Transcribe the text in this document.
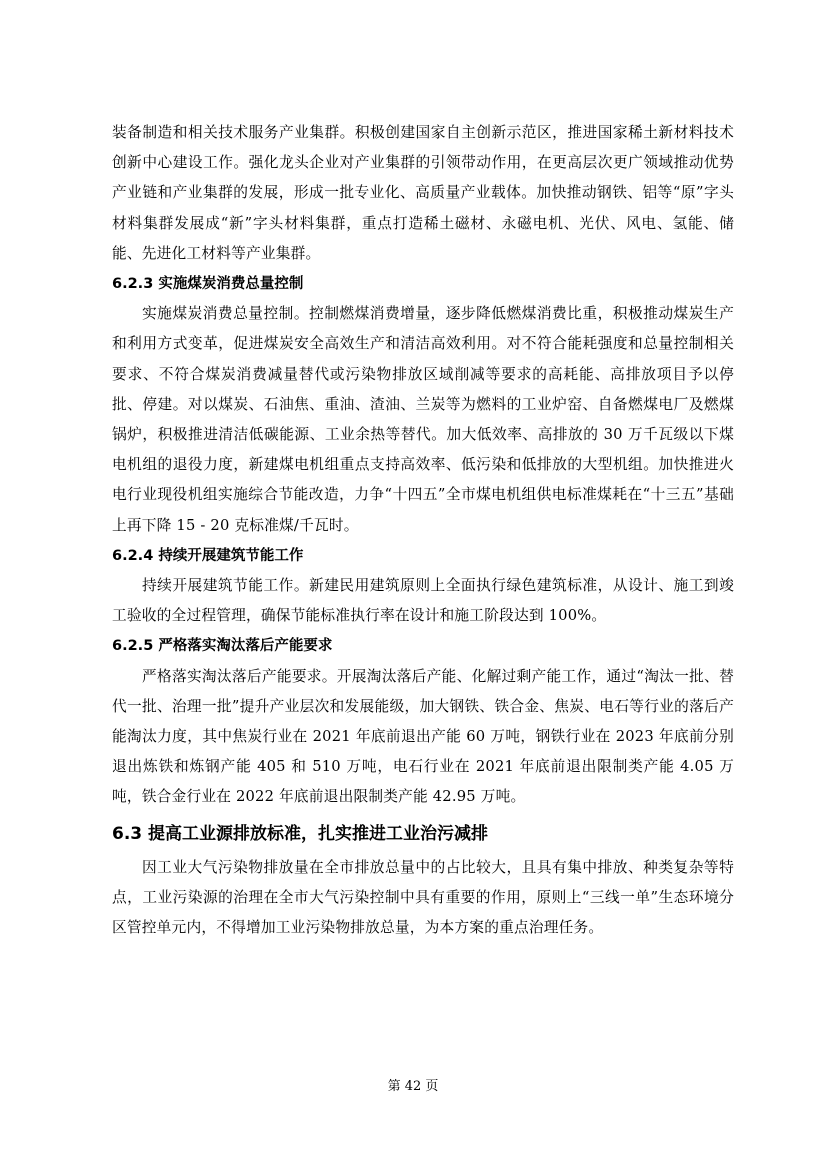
装备制造和相关技术服务产业集群。积极创建国家自主创新示范区，推进国家稀土新材料技术创新中心建设工作。强化龙头企业对产业集群的引领带动作用，在更高层次更广领域推动优势产业链和产业集群的发展，形成一批专业化、高质量产业载体。加快推动钢铁、铝等“原”字头材料集群发展成“新”字头材料集群，重点打造稀土磁材、永磁电机、光伏、风电、氢能、储能、先进化工材料等产业集群。

6.2.3 实施煤炭消费总量控制

实施煤炭消费总量控制。控制燃煤消费增量，逐步降低燃煤消费比重，积极推动煤炭生产和利用方式变革，促进煤炭安全高效生产和清洁高效利用。对不符合能耗强度和总量控制相关要求、不符合煤炭消费减量替代或污染物排放区域削减等要求的高耗能、高排放项目予以停批、停建。对以煤炭、石油焦、重油、渣油、兰炭等为燃料的工业炉窑、自备燃煤电厂及燃煤锅炉，积极推进清洁低碳能源、工业余热等替代。加大低效率、高排放的 30 万千瓦级以下煤电机组的退役力度，新建煤电机组重点支持高效率、低污染和低排放的大型机组。加快推进火电行业现役机组实施综合节能改造，力争“十四五”全市煤电机组供电标准煤耗在“十三五”基础上再下降 15 - 20 克标准煤/千瓦时。

6.2.4 持续开展建筑节能工作

持续开展建筑节能工作。新建民用建筑原则上全面执行绿色建筑标准，从设计、施工到竣工验收的全过程管理，确保节能标准执行率在设计和施工阶段达到 100%。

6.2.5 严格落实淘汰落后产能要求

严格落实淘汰落后产能要求。开展淘汰落后产能、化解过剩产能工作，通过“淘汰一批、替代一批、治理一批”提升产业层次和发展能级，加大钢铁、铁合金、焦炭、电石等行业的落后产能淘汰力度，其中焦炭行业在 2021 年底前退出产能 60 万吨，钢铁行业在 2023 年底前分别退出炼铁和炼钢产能 405 和 510 万吨，电石行业在 2021 年底前退出限制类产能 4.05 万吨，铁合金行业在 2022 年底前退出限制类产能 42.95 万吨。

6.3 提高工业源排放标准，扎实推进工业治污减排

因工业大气污染物排放量在全市排放总量中的占比较大，且具有集中排放、种类复杂等特点，工业污染源的治理在全市大气污染控制中具有重要的作用，原则上“三线一单”生态环境分区管控单元内，不得增加工业污染物排放总量，为本方案的重点治理任务。

第 42 页
